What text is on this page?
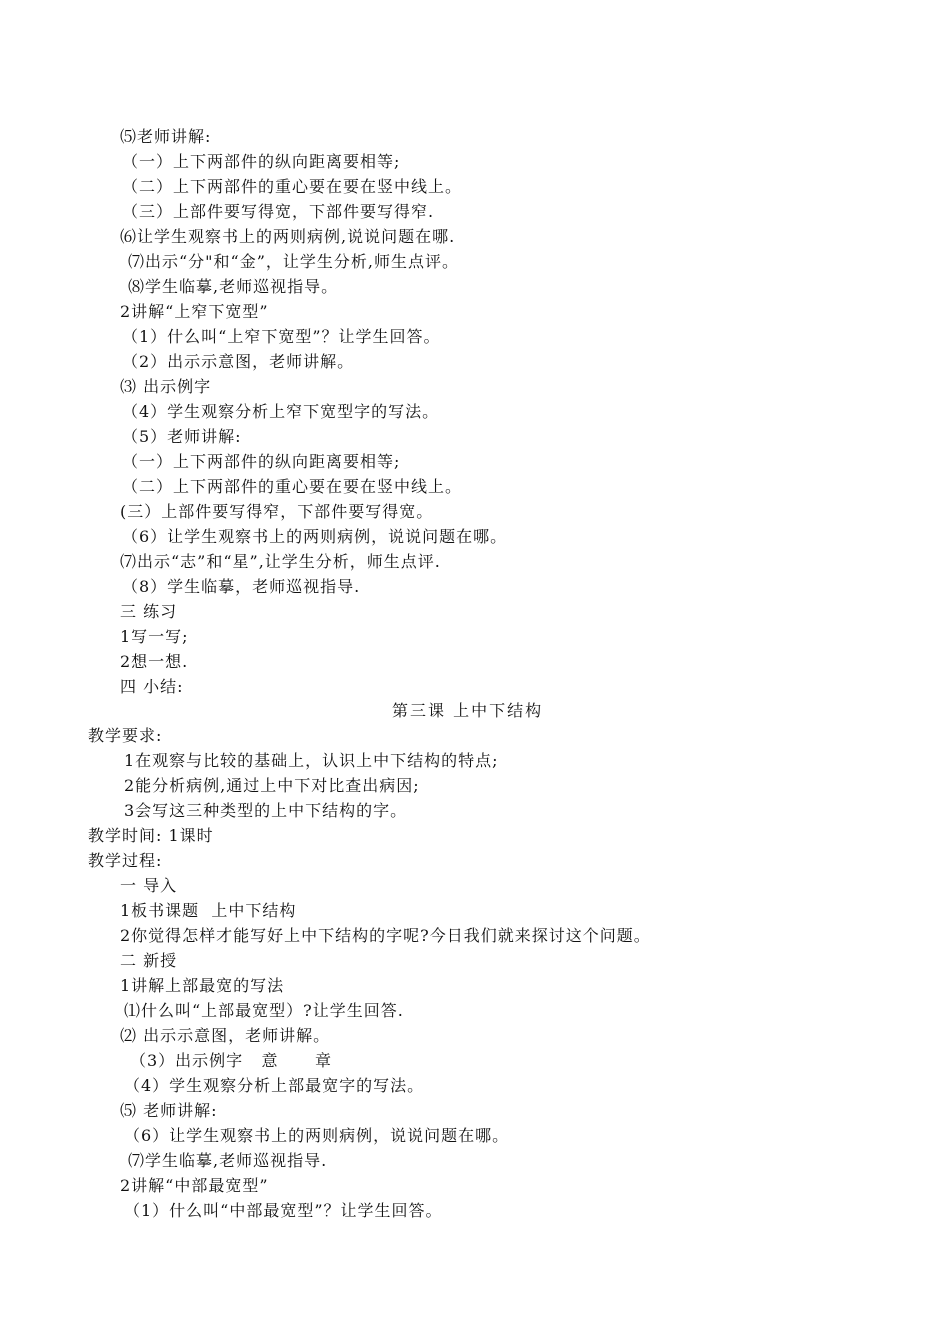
⑸老师讲解:
（一）上下两部件的纵向距离要相等;
（二）上下两部件的重心要在要在竖中线上。
（三）上部件要写得宽，下部件要写得窄.
⑹让学生观察书上的两则病例,说说问题在哪.
⑺出示“分"和“金”，让学生分析,师生点评。
⑻学生临摹,老师巡视指导。
2讲解“上窄下宽型”
（1）什么叫“上窄下宽型”？让学生回答。
（2）出示示意图，老师讲解。
⑶ 出示例字
（4）学生观察分析上窄下宽型字的写法。
（5）老师讲解:
（一）上下两部件的纵向距离要相等;
（二）上下两部件的重心要在要在竖中线上。
(三）上部件要写得窄，下部件要写得宽。
（6）让学生观察书上的两则病例，说说问题在哪。
⑺出示“志”和“星”,让学生分析，师生点评.
（8）学生临摹，老师巡视指导.
三 练习
1写一写;
2想一想.
四 小结:
第三课 上中下结构
教学要求:
1在观察与比较的基础上，认识上中下结构的特点;
2能分析病例,通过上中下对比查出病因;
3会写这三种类型的上中下结构的字。
教学时间: 1课时
教学过程:
一 导入
1板书课题  上中下结构
2你觉得怎样才能写好上中下结构的字呢?今日我们就来探讨这个问题。
二 新授
1讲解上部最宽的写法
⑴什么叫“上部最宽型）?让学生回答.
⑵ 出示示意图，老师讲解。
（3）出示例字   意      章
（4）学生观察分析上部最宽字的写法。
⑸ 老师讲解:
（6）让学生观察书上的两则病例，说说问题在哪。
⑺学生临摹,老师巡视指导.
2讲解“中部最宽型”
（1）什么叫“中部最宽型”？让学生回答。
